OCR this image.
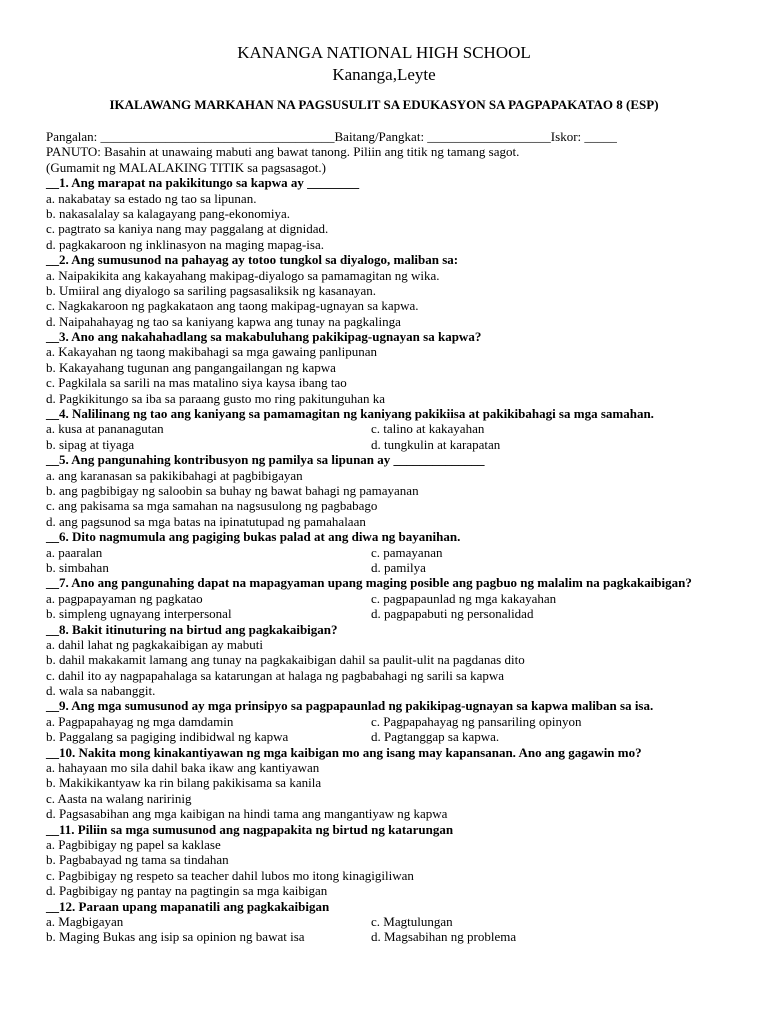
KANANGA NATIONAL HIGH SCHOOL
Kananga,Leyte
IKALAWANG MARKAHAN NA PAGSUSULIT SA EDUKASYON SA PAGPAPAKATAO 8 (ESP)
Pangalan: ____________________________________Baitang/Pangkat: ___________________Iskor: _____
PANUTO: Basahin at unawaing mabuti ang bawat tanong. Piliin ang titik ng tamang sagot.
(Gumamit ng MALALAKING TITIK sa pagsasagot.)
__1. Ang marapat na pakikitungo sa kapwa ay ________
a. nakabatay sa estado ng tao sa lipunan.
b. nakasalalay sa kalagayang pang-ekonomiya.
c. pagtrato sa kaniya nang may paggalang at dignidad.
d. pagkakaroon ng inklinasyon na maging mapag-isa.
__2. Ang sumusunod na pahayag ay totoo tungkol sa diyalogo, maliban sa:
a. Naipakikita ang kakayahang makipag-diyalogo sa pamamagitan ng wika.
b. Umiiral ang diyalogo sa sariling pagsasaliksik ng kasanayan.
c. Nagkakaroon ng pagkakataon ang taong makipag-ugnayan sa kapwa.
d. Naipahahayag ng tao sa kaniyang kapwa ang tunay na pagkalinga
__3. Ano ang nakahahadlang sa makabuluhang pakikipag-ugnayan sa kapwa?
a. Kakayahan ng taong makibahagi sa mga gawaing panlipunan
b. Kakayahang tugunan ang pangangailangan ng kapwa
c. Pagkilala sa sarili na mas matalino siya kaysa ibang tao
d. Pagkikitungo sa iba sa paraang gusto mo ring pakitunguhan ka
__4. Nalilinang ng tao ang kaniyang sa pamamagitan ng kaniyang pakikiisa at pakikibahagi sa mga samahan.
a. kusa at pananagutan	c. talino at kakayahan
b. sipag at tiyaga	d. tungkulin at karapatan
__5. Ang pangunahing kontribusyon ng pamilya sa lipunan ay ______________
a. ang karanasan sa pakikibahagi at pagbibigayan
b. ang pagbibigay ng saloobin sa buhay ng bawat bahagi ng pamayanan
c. ang pakisama sa mga samahan na nagsusulong ng pagbabago
d. ang pagsunod sa mga batas na ipinatutupad ng pamahalaan
__6. Dito nagmumula ang pagiging bukas palad at ang diwa ng bayanihan.
a. paaralan	c. pamayanan
b. simbahan	d. pamilya
__7. Ano ang pangunahing dapat na mapagyaman upang maging posible ang pagbuo ng malalim na pagkakaibigan?
a. pagpapayaman ng pagkatao	c. pagpapaunlad ng mga kakayahan
b. simpleng ugnayang interpersonal	d. pagpapabuti ng personalidad
__8. Bakit itinuturing na birtud ang pagkakaibigan?
a. dahil lahat ng pagkakaibigan ay mabuti
b. dahil makakamit lamang ang tunay na pagkakaibigan dahil sa paulit-ulit na pagdanas dito
c. dahil ito ay nagpapahalaga sa katarungan at halaga ng pagbabahagi ng sarili sa kapwa
d. wala sa nabanggit.
__9. Ang mga sumusunod ay mga prinsipyo sa pagpapaunlad ng pakikipag-ugnayan sa kapwa maliban sa isa.
a. Pagpapahayag ng mga damdamin	c. Pagpapahayag ng pansariling opinyon
b. Paggalang sa pagiging indibidwal ng kapwa	d. Pagtanggap sa kapwa.
__10. Nakita mong kinakantiyawan ng mga kaibigan mo ang isang may kapansanan. Ano ang gagawin mo?
a. hahayaan mo sila dahil baka ikaw ang kantiyawan
b. Makikikantyaw ka rin bilang pakikisama sa kanila
c. Aasta na walang naririnig
d. Pagsasabihan ang mga kaibigan na hindi tama ang mangantiyaw ng kapwa
__11. Piliin sa mga sumusunod ang nagpapakita ng birtud ng katarungan
a. Pagbibigay ng papel sa kaklase
b. Pagbabayad ng tama sa tindahan
c. Pagbibigay ng respeto sa teacher dahil lubos mo itong kinagigiliwan
d. Pagbibigay ng pantay na pagtingin sa mga kaibigan
__12. Paraan upang mapanatili ang pagkakaibigan
a. Magbigayan	c. Magtulungan
b. Maging Bukas ang isip sa opinion ng bawat isa	d. Magsabihan ng problema
